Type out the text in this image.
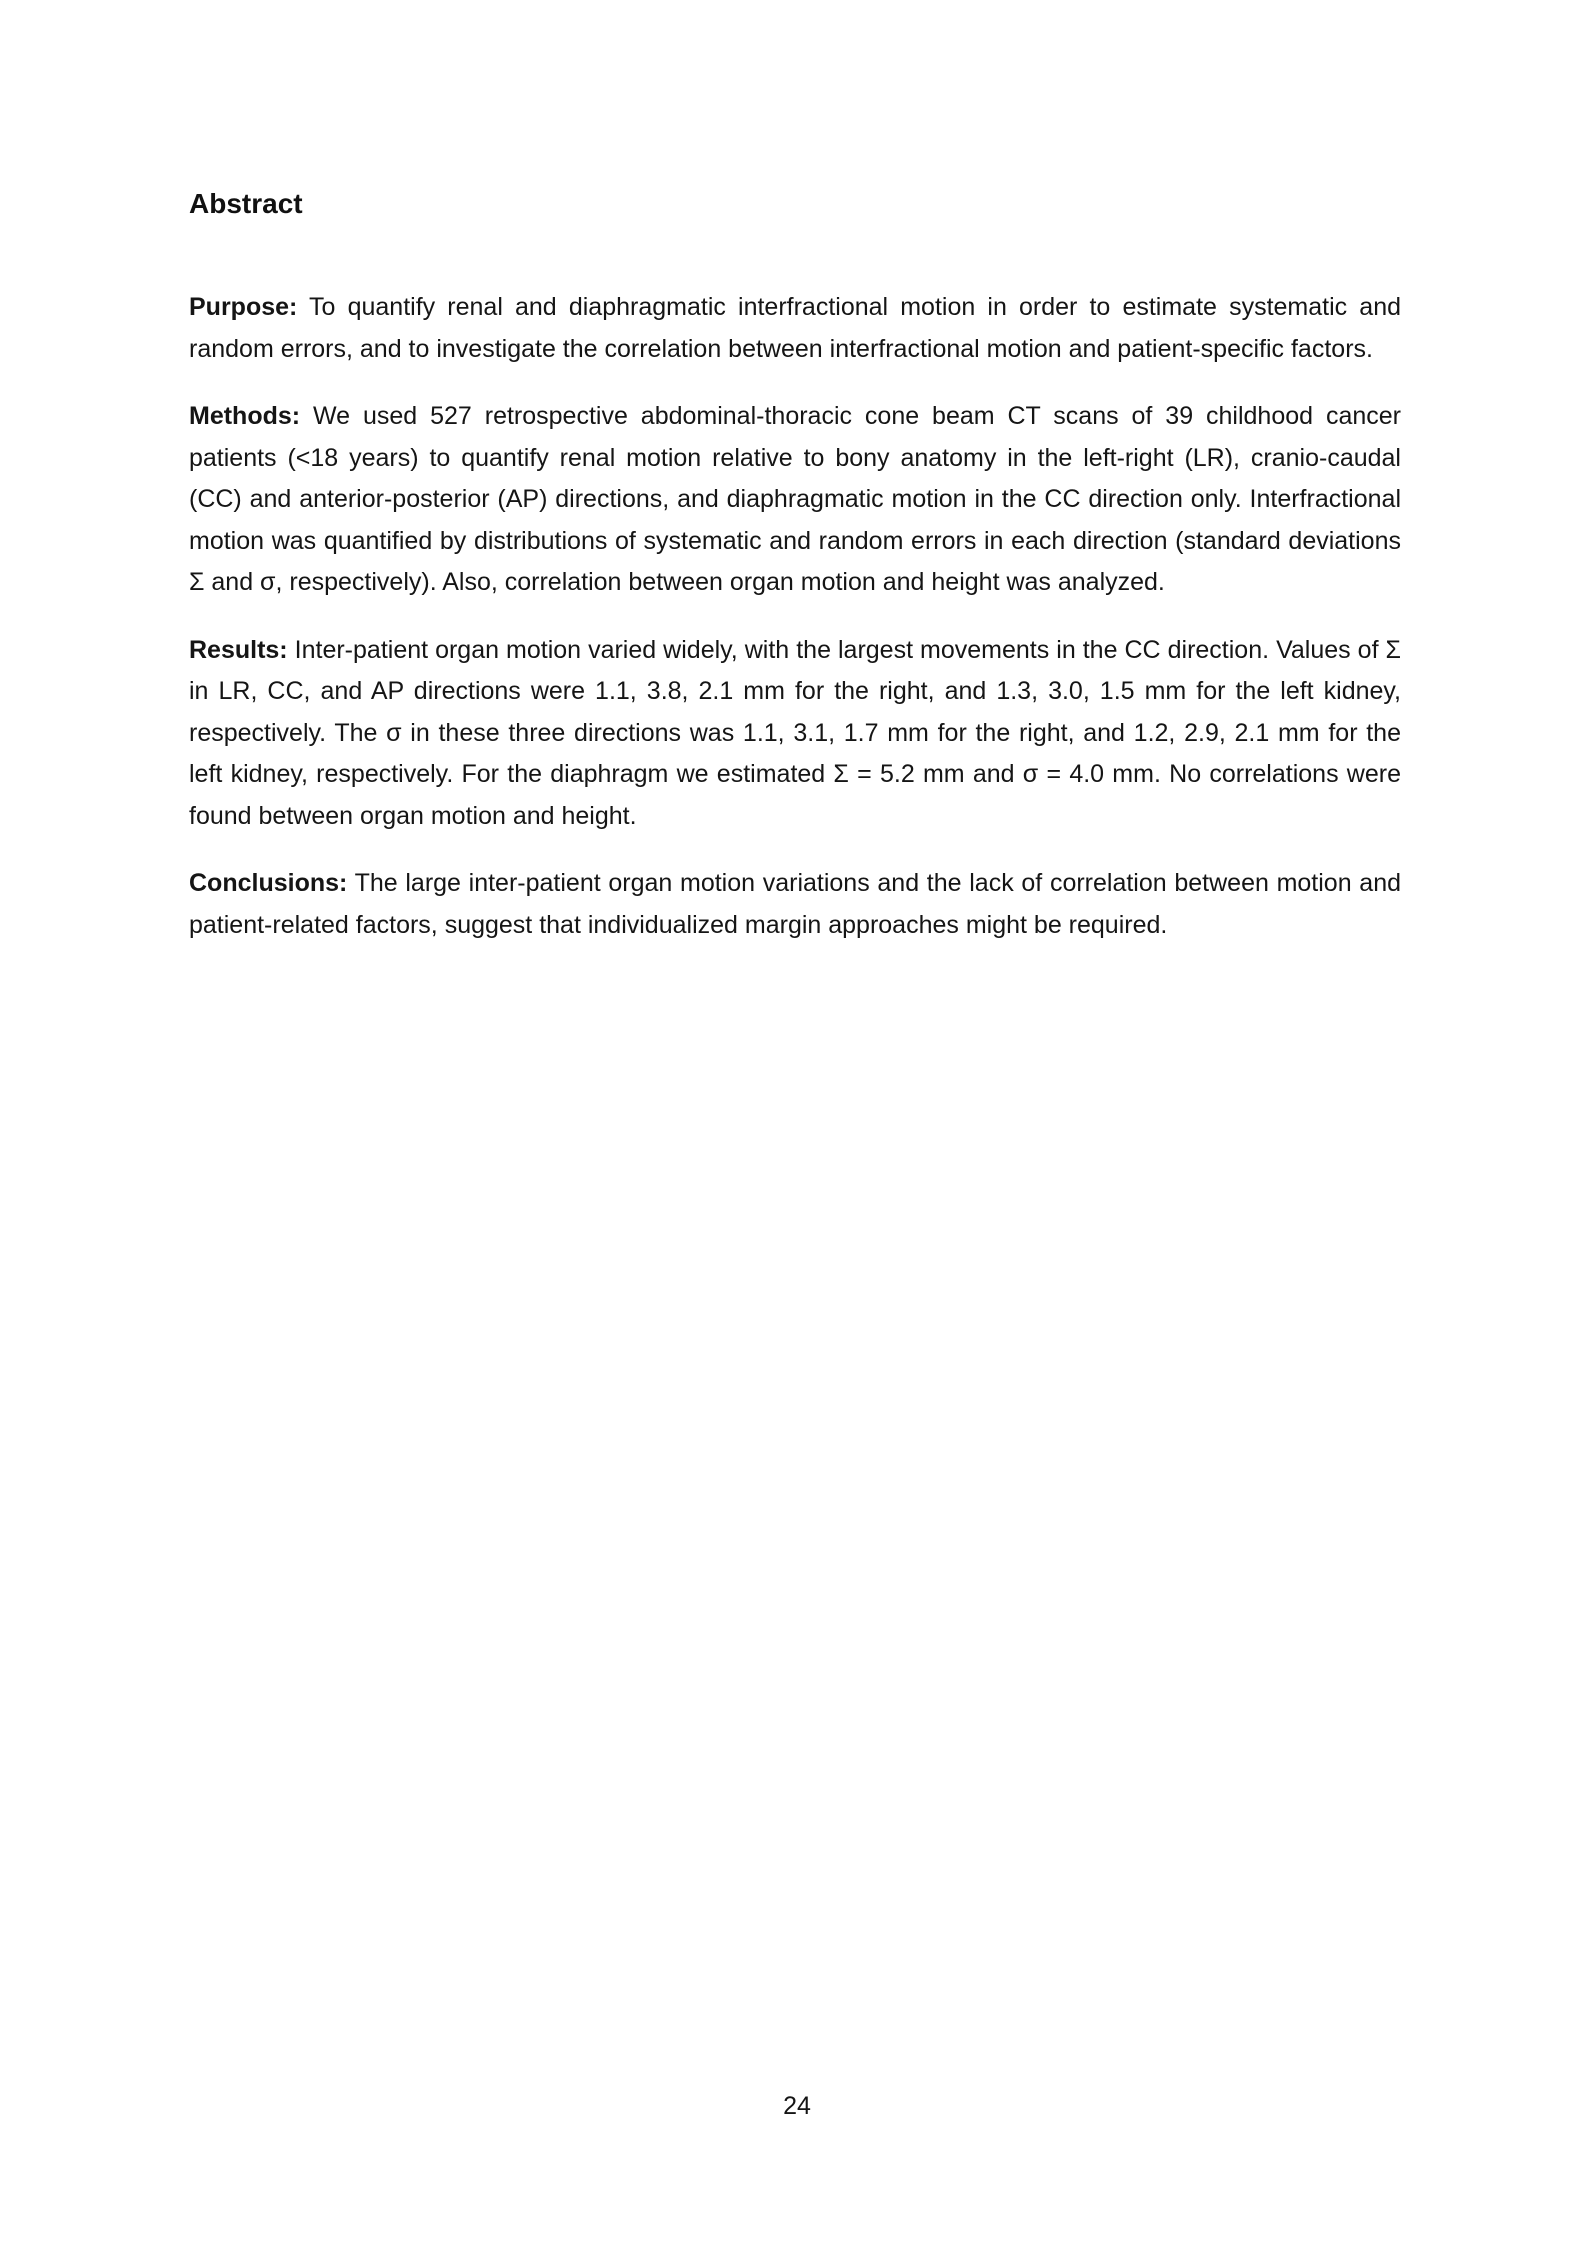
Abstract

Purpose: To quantify renal and diaphragmatic interfractional motion in order to estimate systematic and random errors, and to investigate the correlation between interfractional motion and patient-specific factors.

Methods: We used 527 retrospective abdominal-thoracic cone beam CT scans of 39 childhood cancer patients (<18 years) to quantify renal motion relative to bony anatomy in the left-right (LR), cranio-caudal (CC) and anterior-posterior (AP) directions, and diaphragmatic motion in the CC direction only. Interfractional motion was quantified by distributions of systematic and random errors in each direction (standard deviations Σ and σ, respectively). Also, correlation between organ motion and height was analyzed.

Results: Inter-patient organ motion varied widely, with the largest movements in the CC direction. Values of Σ in LR, CC, and AP directions were 1.1, 3.8, 2.1 mm for the right, and 1.3, 3.0, 1.5 mm for the left kidney, respectively. The σ in these three directions was 1.1, 3.1, 1.7 mm for the right, and 1.2, 2.9, 2.1 mm for the left kidney, respectively. For the diaphragm we estimated Σ = 5.2 mm and σ = 4.0 mm. No correlations were found between organ motion and height.

Conclusions: The large inter-patient organ motion variations and the lack of correlation between motion and patient-related factors, suggest that individualized margin approaches might be required.

24
